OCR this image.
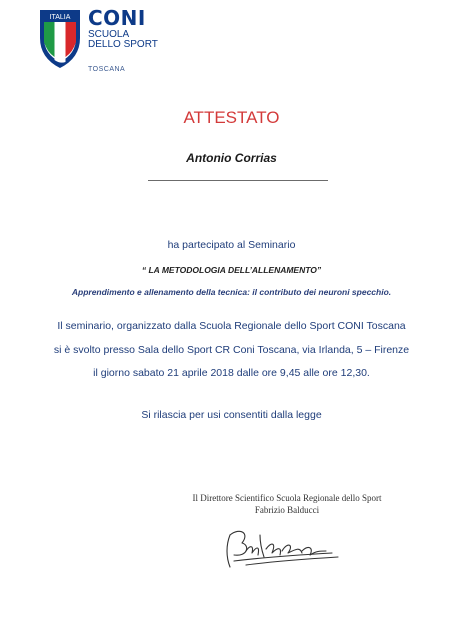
ITALIA CONI
SCUOLA
DELLO SPORT
TOSCANA
ATTESTATO
Antonio Corrias
ha partecipato al Seminario
“ LA METODOLOGIA DELL’ALLENAMENTO”
Apprendimento e allenamento della tecnica: il contributo dei neuroni specchio.
Il seminario, organizzato dalla Scuola Regionale dello Sport CONI Toscana
si è svolto presso Sala dello Sport CR Coni Toscana, via Irlanda, 5 – Firenze
il giorno sabato 21 aprile 2018 dalle ore 9,45 alle ore 12,30.
Si rilascia per usi consentiti dalla legge
Il Direttore Scientifico Scuola Regionale dello Sport
Fabrizio Balducci
